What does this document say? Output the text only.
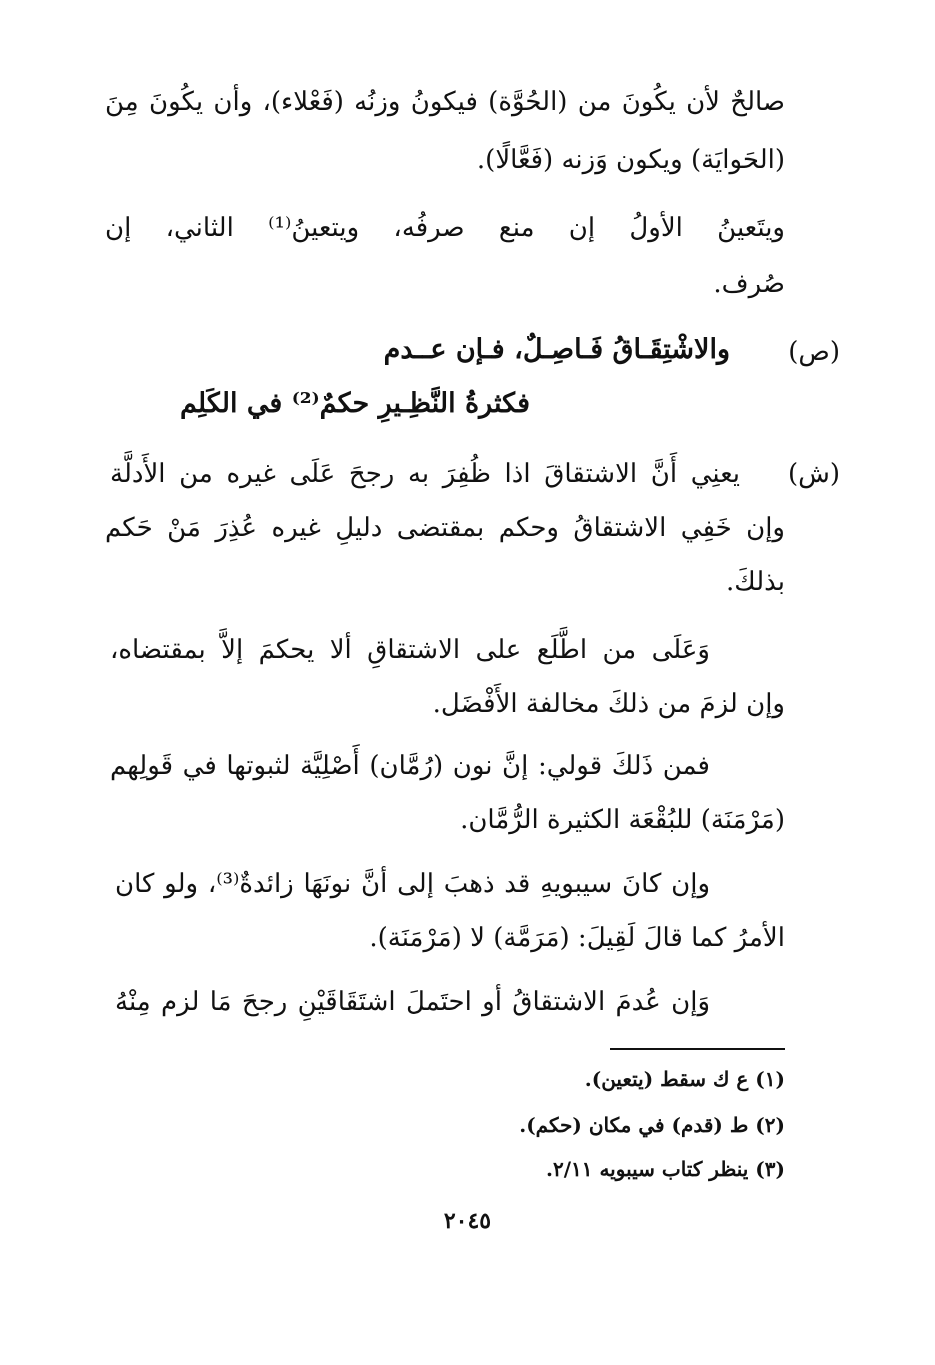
صالحٌ لأن يكُونَ من (الحُوَّة) فيكونُ وزنُه (فَعْلاء)، وأن يكُونَ مِنَ
(الحَوايَة) ويكون وَزنه (فَعَّالًا).
ويتَعينُ الأولُ إن منع صرفُه، ويتعينُ⁽¹⁾ الثاني، إن
صُرف.
(ص)
والاشْتِقَـاقُ فَـاصِـلٌ، فـإن عــدم
فكثرةُ النَّظِـيرِ حكمٌ⁽²⁾ في الكَلِم
(ش)
يعنِي أَنَّ الاشتقاقَ اذا ظُفِرَ به رجحَ عَلَى غيره من الأَدلَّة
وإن خَفِي الاشتقاقُ وحكم بمقتضى دليلِ غيره عُذِرَ مَنْ حَكم
بذلكَ.
وَعَلَى من اطَّلَع على الاشتقاقِ ألا يحكمَ إلاَّ بمقتضاه،
وإن لزمَ من ذلكَ مخالفة الأَفْضَل.
فمن ذَلكَ قولي: إنَّ نون (رُمَّان) أَصْلِيَّة لثبوتها في قَولِهم
(مَرْمَنَة) للبُقْعَة الكثيرة الرُّمَّان.
وإن كانَ سيبويهِ قد ذهبَ إلى أنَّ نونَهَا زائدةٌ⁽³⁾، ولو كان
الأمرُ كما قالَ لَقِيلَ: (مَرَمَّة) لا (مَرْمَنَة).
وَإن عُدمَ الاشتقاقُ أو احتَملَ اشتَقَاقَيْنِ رجحَ مَا لزم مِنْهُ
(١) ع ك سقط (يتعين).
(٢) ط (قدم) في مكان (حكم).
(٣) ينظر كتاب سيبويه ٢/١١.
٢٠٤٥
